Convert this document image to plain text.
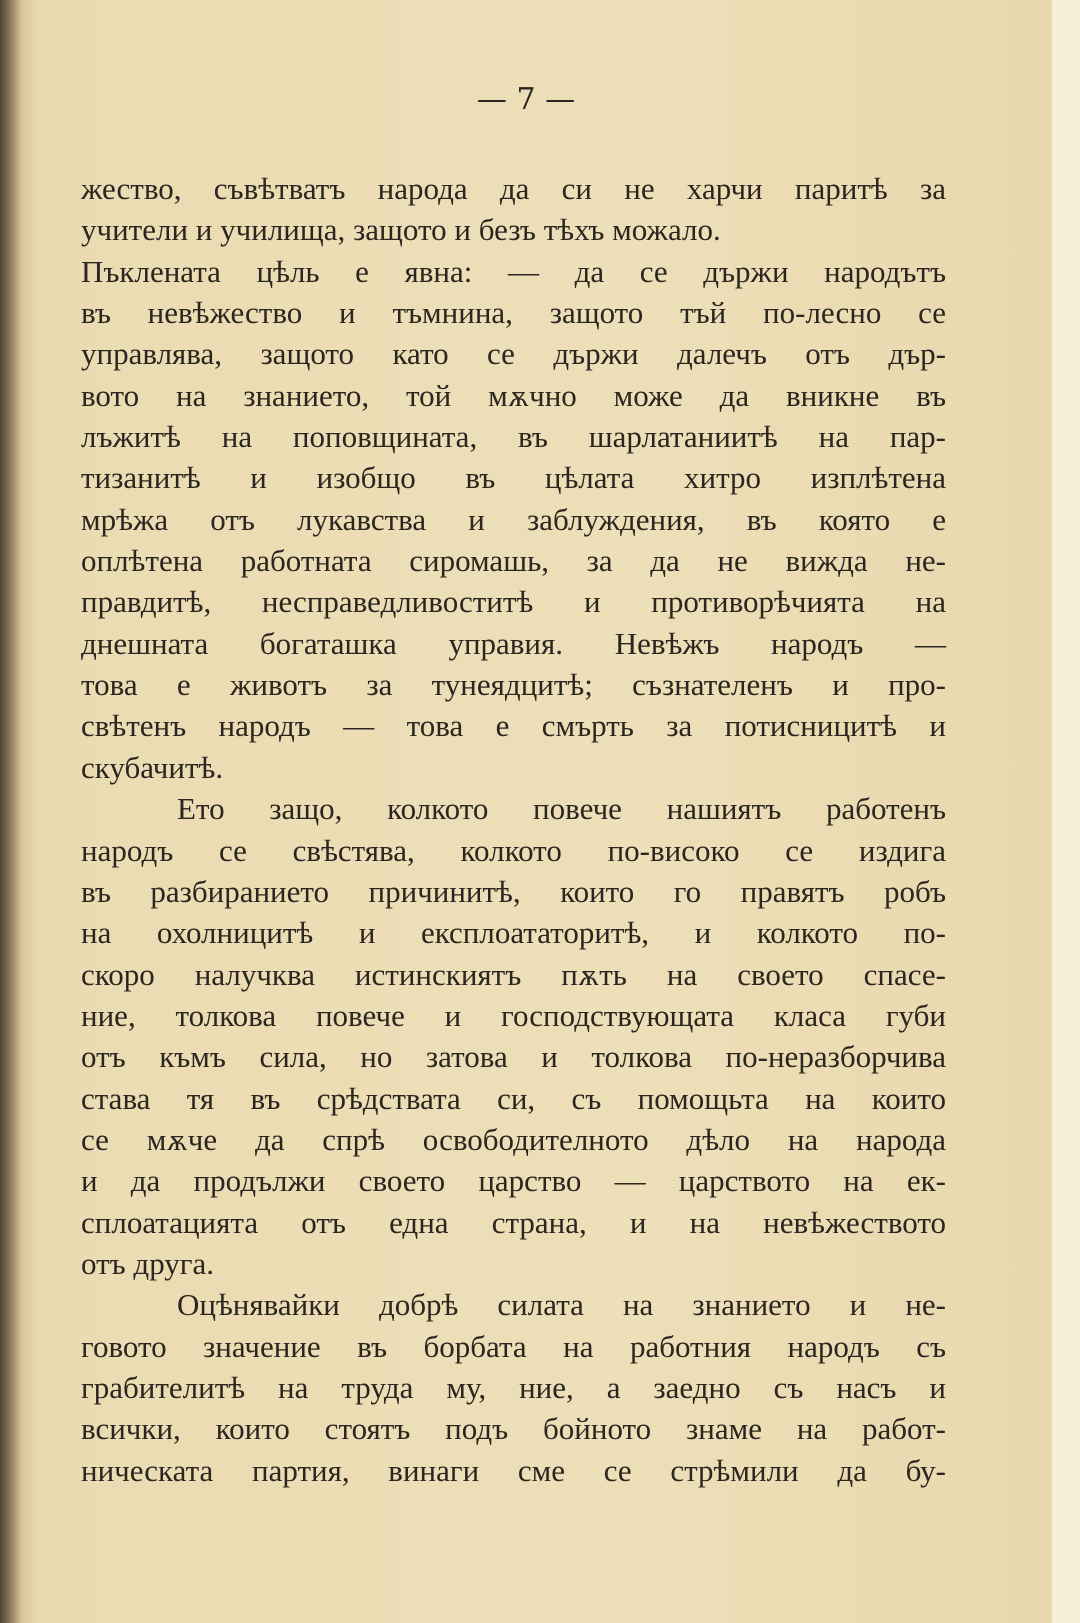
— 7 —
жество, съвѣтватъ народа да си не харчи паритѣ за
учители и училища, защото и безъ тѣхъ можало.
Пъклената цѣль е явна: — да се държи народътъ
въ невѣжество и тъмнина, защото тъй по-лесно се
управлява, защото като се държи далечъ отъ дър-
вото на знанието, той мѫчно може да вникне въ
лъжитѣ на поповщината, въ шарлатаниитѣ на пар-
тизанитѣ и изобщо въ цѣлата хитро изплѣтена
мрѣжа отъ лукавства и заблуждения, въ която е
оплѣтена работната сиромашь, за да не вижда не-
правдитѣ, несправедливоститѣ и противорѣчията на
днешната богаташка управия. Невѣжъ народъ —
това е животъ за тунеядцитѣ; съзнателенъ и про-
свѣтенъ народъ — това е смърть за потисницитѣ и
скубачитѣ.
Ето защо, колкото повече нашиятъ работенъ
народъ се свѣстява, колкото по-високо се издига
въ разбиранието причинитѣ, които го правятъ робъ
на охолницитѣ и експлоататоритѣ, и колкото по-
скоро налучква истинскиятъ пѫть на своето спасе-
ние, толкова повече и господствующата класа губи
отъ къмъ сила, но затова и толкова по-неразборчива
става тя въ срѣдствата си, съ помощьта на които
се мѫче да спрѣ освободителното дѣло на народа
и да продължи своето царство — царството на ек-
сплоатацията отъ една страна, и на невѣжеството
отъ друга.
Оцѣнявайки добрѣ силата на знанието и не-
говото значение въ борбата на работния народъ съ
грабителитѣ на труда му, ние, а заедно съ насъ и
всички, които стоятъ подъ бойното знаме на работ-
ническата партия, винаги сме се стрѣмили да бу-
